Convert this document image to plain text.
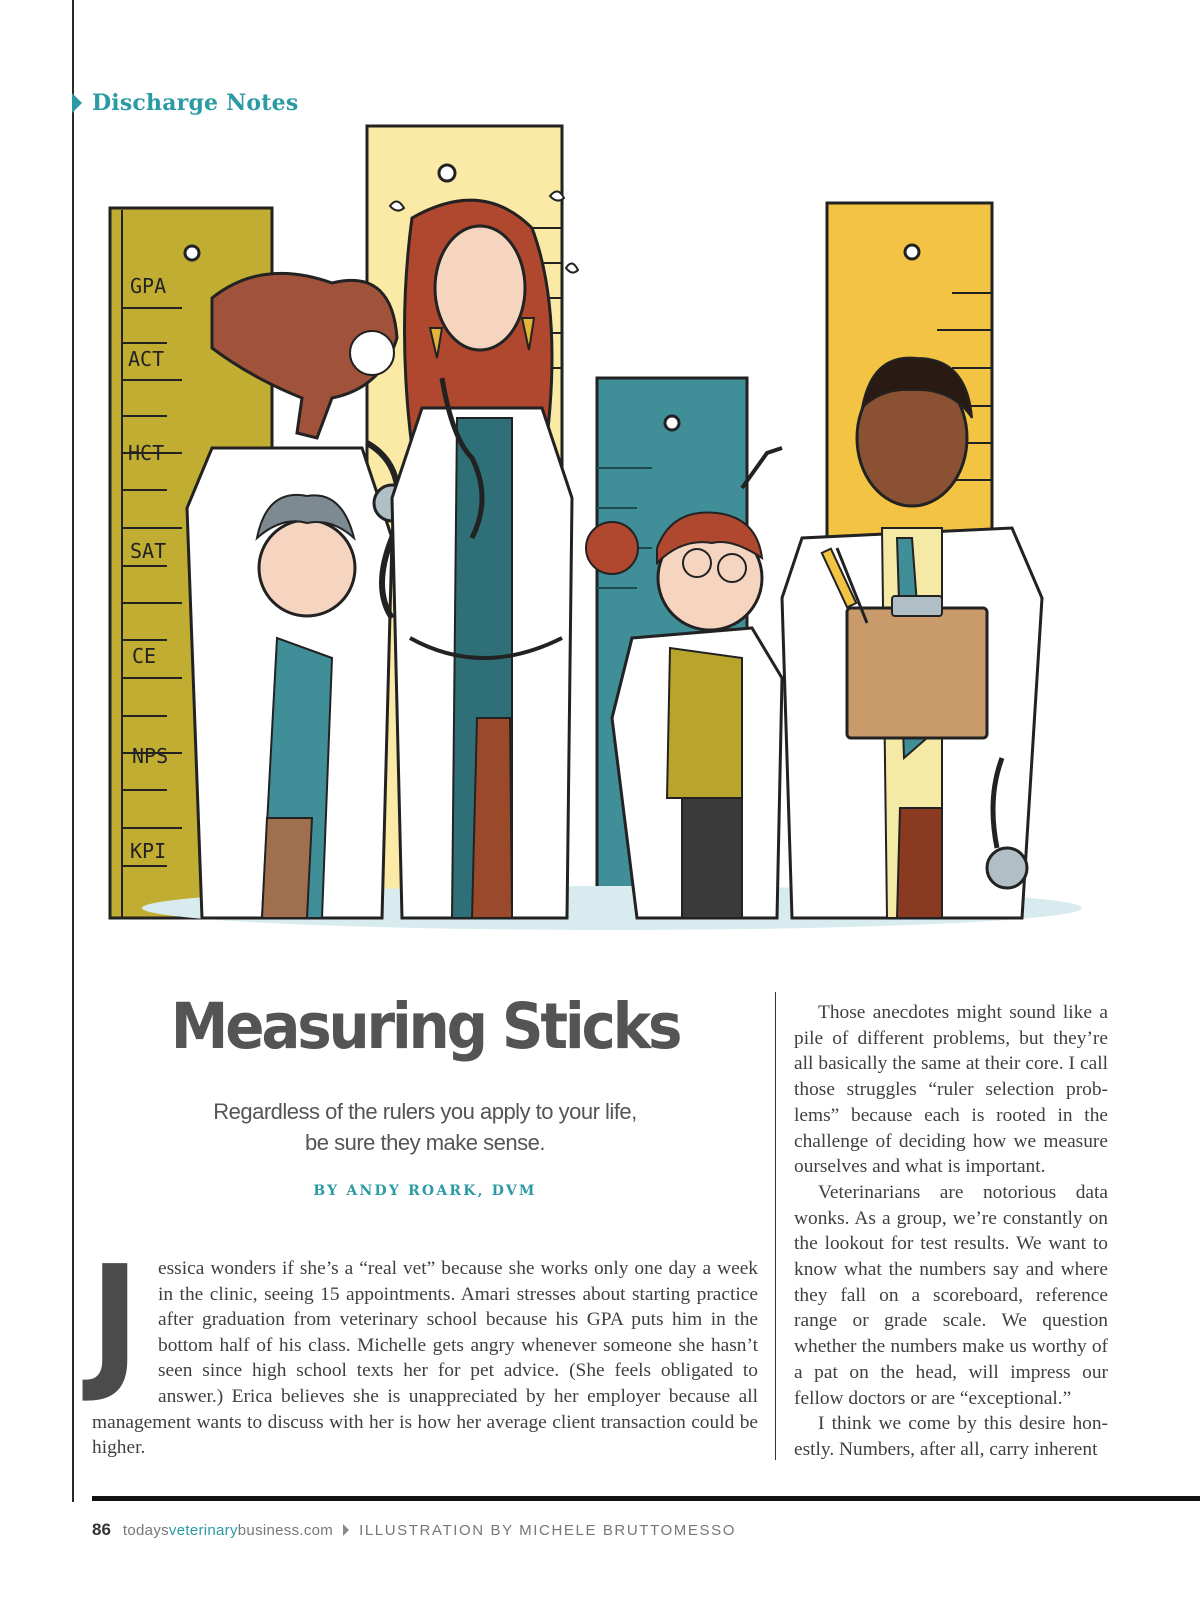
Discharge Notes
GPA
ACT
HCT
SAT
CE
NPS
KPI
Measuring Sticks
Regardless of the rulers you apply to your life,
be sure they make sense.
BY ANDY ROARK, DVM
J essica wonders if she’s a “real vet” because she works only one day a week in the clinic, seeing 15 appointments. Amari stresses about starting practice after graduation from veterinary school because his GPA puts him in the bottom half of his class. Michelle gets angry whenever someone she hasn’t seen since high school texts her for pet advice. (She feels obligated to answer.) Erica believes she is unappreciated by her employer because all management wants to discuss with her is how her average client transaction could be higher.

Those anecdotes might sound like a pile of different problems, but they’re all basically the same at their core. I call those struggles “ruler selection prob-lems” because each is rooted in the challenge of deciding how we measure ourselves and what is important.

Veterinarians are notorious data wonks. As a group, we’re constantly on the lookout for test results. We want to know what the numbers say and where they fall on a scoreboard, reference range or grade scale. We question whether the numbers make us worthy of a pat on the head, will impress our fellow doctors or are “exceptional.”

I think we come by this desire hon-estly. Numbers, after all, carry inherent

86 todaysveterinarybusiness.com ILLUSTRATION BY MICHELE BRUTTOMESSO
